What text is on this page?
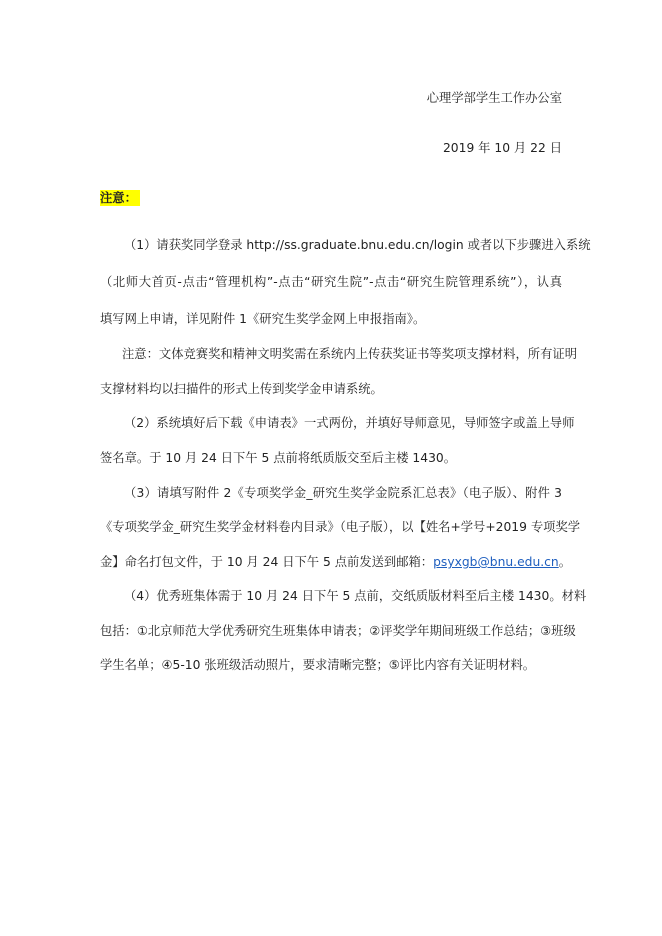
心理学部学生工作办公室
2019 年 10 月 22 日
注意：
（1）请获奖同学登录 http://ss.graduate.bnu.edu.cn/login 或者以下步骤进入系统
（北师大首页-点击“管理机构”-点击“研究生院”-点击“研究生院管理系统”），认真
填写网上申请，详见附件 1《研究生奖学金网上申报指南》。
注意：文体竞赛奖和精神文明奖需在系统内上传获奖证书等奖项支撑材料，所有证明
支撑材料均以扫描件的形式上传到奖学金申请系统。
（2）系统填好后下载《申请表》一式两份，并填好导师意见，导师签字或盖上导师
签名章。于 10 月 24 日下午 5 点前将纸质版交至后主楼 1430。
（3）请填写附件 2《专项奖学金_研究生奖学金院系汇总表》（电子版）、附件 3
《专项奖学金_研究生奖学金材料卷内目录》（电子版），以【姓名+学号+2019 专项奖学
金】命名打包文件，于 10 月 24 日下午 5 点前发送到邮箱：psyxgb@bnu.edu.cn。
（4）优秀班集体需于 10 月 24 日下午 5 点前，交纸质版材料至后主楼 1430。材料
包括：①北京师范大学优秀研究生班集体申请表；②评奖学年期间班级工作总结；③班级
学生名单；④5-10 张班级活动照片，要求清晰完整；⑤评比内容有关证明材料。
